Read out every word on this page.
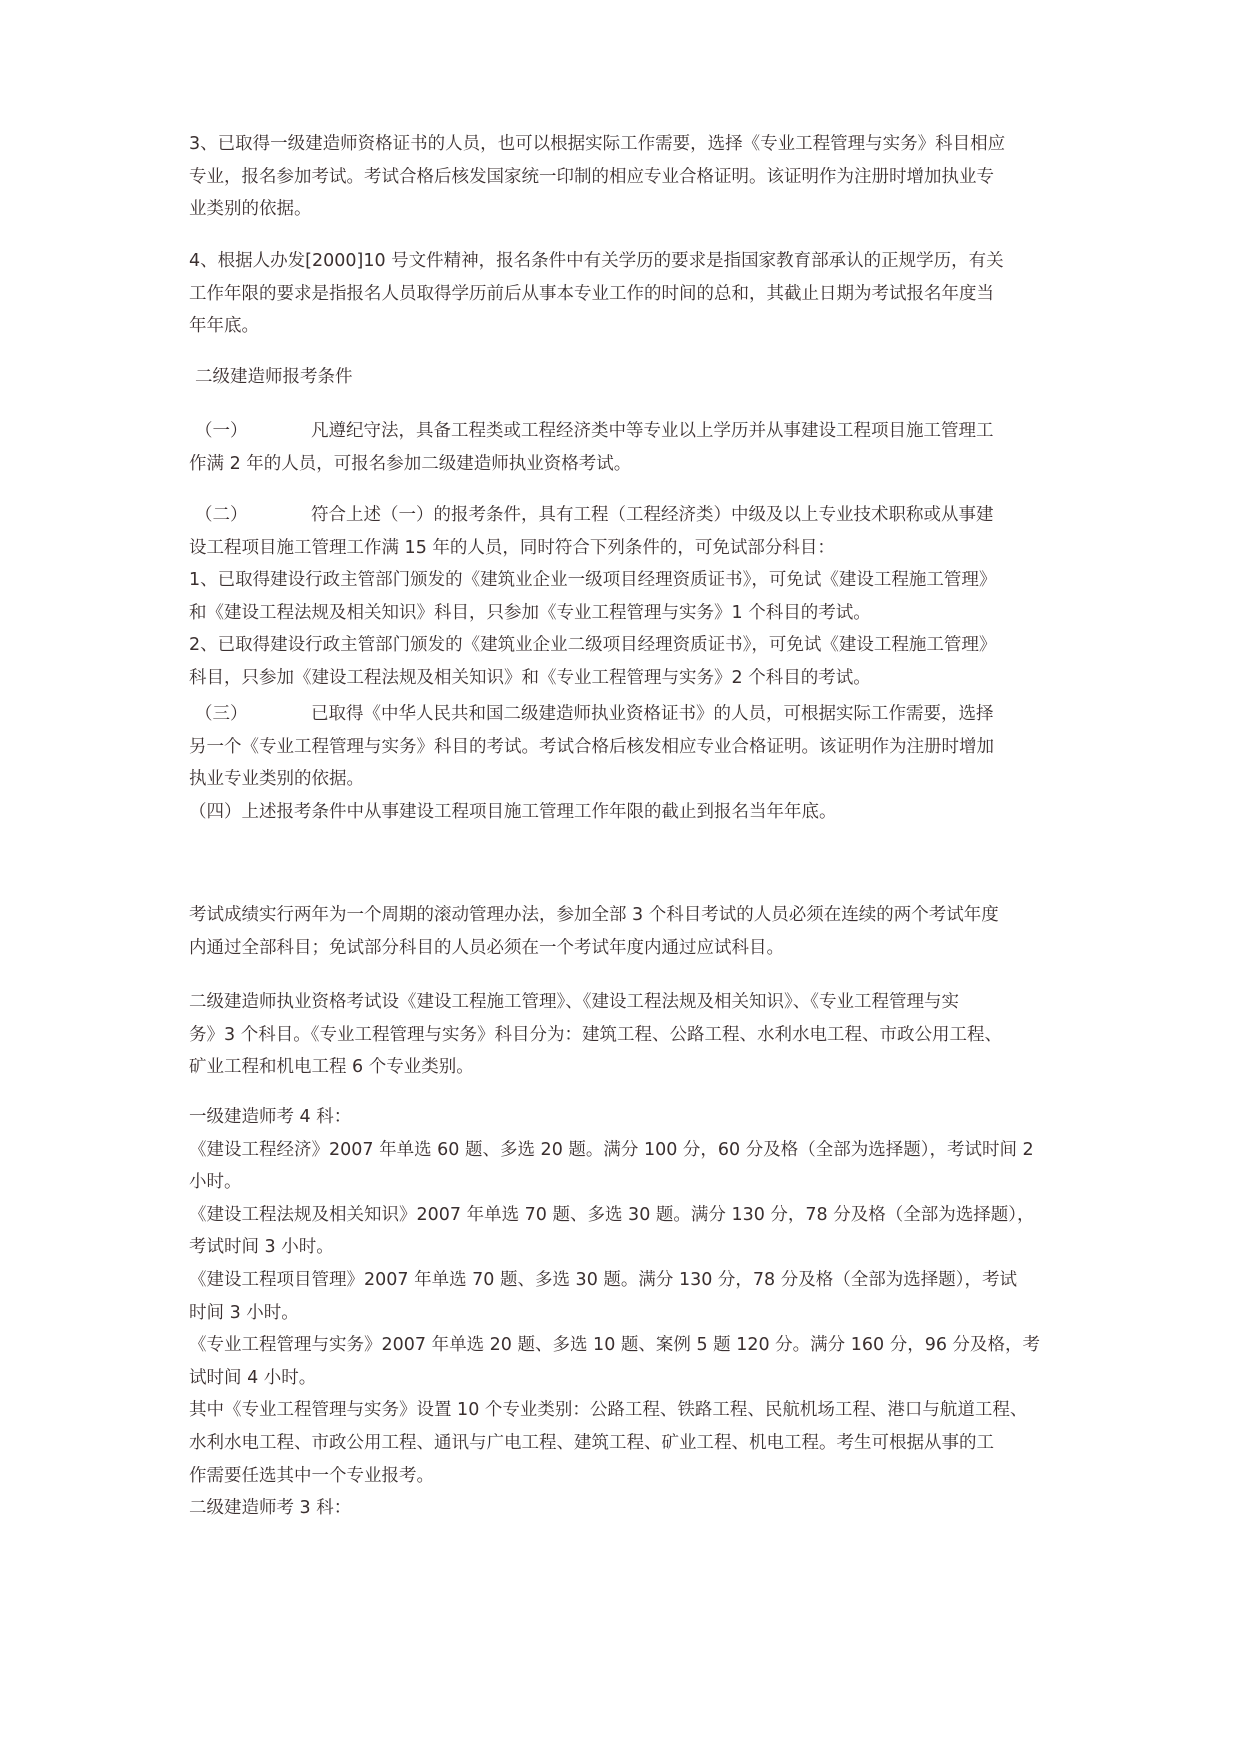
3、已取得一级建造师资格证书的人员，也可以根据实际工作需要，选择《专业工程管理与实务》科目相应

专业，报名参加考试。考试合格后核发国家统一印制的相应专业合格证明。该证明作为注册时增加执业专

业类别的依据。

4、根据人办发[2000]10 号文件精神，报名条件中有关学历的要求是指国家教育部承认的正规学历，有关

工作年限的要求是指报名人员取得学历前后从事本专业工作的时间的总和，其截止日期为考试报名年度当

年年底。

二级建造师报考条件

（一）	凡遵纪守法，具备工程类或工程经济类中等专业以上学历并从事建设工程项目施工管理工

作满 2 年的人员，可报名参加二级建造师执业资格考试。

（二）	符合上述（一）的报考条件，具有工程（工程经济类）中级及以上专业技术职称或从事建

设工程项目施工管理工作满 15 年的人员，同时符合下列条件的，可免试部分科目：

1、已取得建设行政主管部门颁发的《建筑业企业一级项目经理资质证书》，可免试《建设工程施工管理》

和《建设工程法规及相关知识》科目，只参加《专业工程管理与实务》1 个科目的考试。

2、已取得建设行政主管部门颁发的《建筑业企业二级项目经理资质证书》，可免试《建设工程施工管理》

科目，只参加《建设工程法规及相关知识》和《专业工程管理与实务》2 个科目的考试。

（三）	已取得《中华人民共和国二级建造师执业资格证书》的人员，可根据实际工作需要，选择

另一个《专业工程管理与实务》科目的考试。考试合格后核发相应专业合格证明。该证明作为注册时增加

执业专业类别的依据。

（四）上述报考条件中从事建设工程项目施工管理工作年限的截止到报名当年年底。

考试成绩实行两年为一个周期的滚动管理办法，参加全部 3 个科目考试的人员必须在连续的两个考试年度

内通过全部科目；免试部分科目的人员必须在一个考试年度内通过应试科目。

二级建造师执业资格考试设《建设工程施工管理》、《建设工程法规及相关知识》、《专业工程管理与实

务》3 个科目。《专业工程管理与实务》科目分为：建筑工程、公路工程、水利水电工程、市政公用工程、

矿业工程和机电工程 6 个专业类别。

一级建造师考 4 科：

《建设工程经济》2007 年单选 60 题、多选 20 题。满分 100 分，60 分及格（全部为选择题），考试时间 2

小时。

《建设工程法规及相关知识》2007 年单选 70 题、多选 30 题。满分 130 分，78 分及格（全部为选择题），

考试时间 3 小时。

《建设工程项目管理》2007 年单选 70 题、多选 30 题。满分 130 分，78 分及格（全部为选择题），考试

时间 3 小时。

《专业工程管理与实务》2007 年单选 20 题、多选 10 题、案例 5 题 120 分。满分 160 分，96 分及格，考

试时间 4 小时。

其中《专业工程管理与实务》设置 10 个专业类别：公路工程、铁路工程、民航机场工程、港口与航道工程、

水利水电工程、市政公用工程、通讯与广电工程、建筑工程、矿业工程、机电工程。考生可根据从事的工

作需要任选其中一个专业报考。

二级建造师考 3 科：
